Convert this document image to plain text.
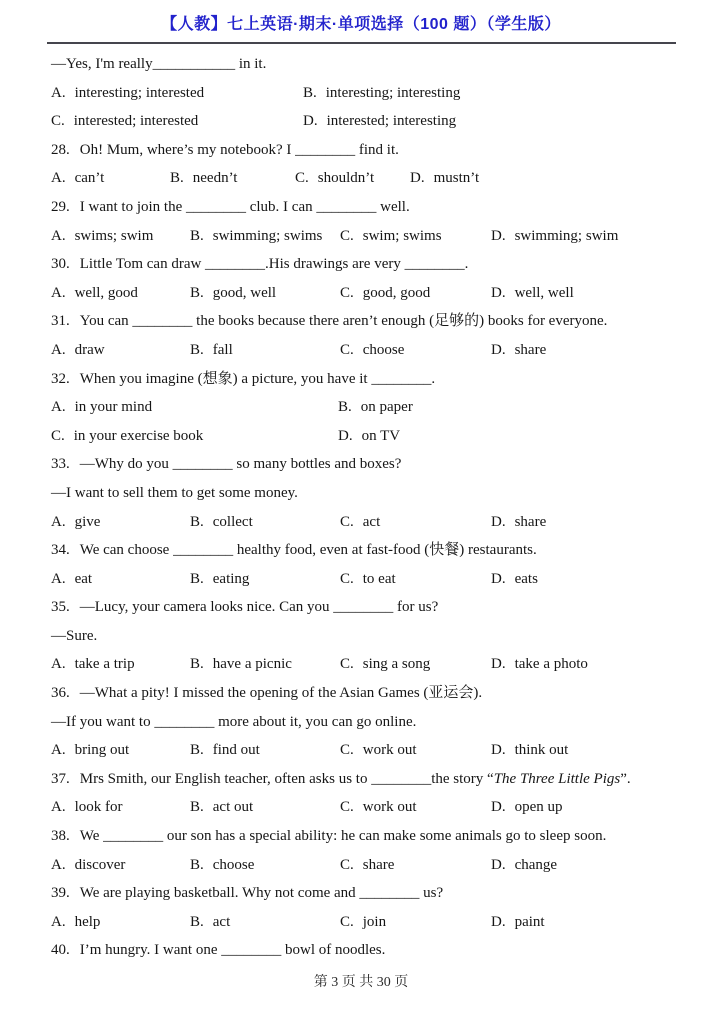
【人教】七上英语·期末·单项选择（100 题）（学生版）
—Yes, I'm really___________ in it.
A. interesting; interested	B. interesting; interesting
C. interested; interested	D. interested; interesting
28. Oh! Mum, where’s my notebook? I ________ find it.
A. can’t	B. needn’t	C. shouldn’t	D. mustn’t
29. I want to join the ________ club. I can ________ well.
A. swims; swim	B. swimming; swims	C. swim; swims	D. swimming; swim
30. Little Tom can draw ________.His drawings are very ________.
A. well, good	B. good, well	C. good, good	D. well, well
31. You can ________ the books because there aren’t enough (足够的) books for everyone.
A. draw	B. fall	C. choose	D. share
32. When you imagine (想象) a picture, you have it ________.
A. in your mind	B. on paper
C. in your exercise book	D. on TV
33. —Why do you ________ so many bottles and boxes?
—I want to sell them to get some money.
A. give	B. collect	C. act	D. share
34. We can choose ________ healthy food, even at fast-food (快餐) restaurants.
A. eat	B. eating	C. to eat	D. eats
35. —Lucy, your camera looks nice. Can you ________ for us?
—Sure.
A. take a trip	B. have a picnic	C. sing a song	D. take a photo
36. —What a pity! I missed the opening of the Asian Games (亚运会).
—If you want to ________ more about it, you can go online.
A. bring out	B. find out	C. work out	D. think out
37. Mrs Smith, our English teacher, often asks us to ________the story “The Three Little Pigs”.
A. look for	B. act out	C. work out	D. open up
38. We ________ our son has a special ability: he can make some animals go to sleep soon.
A. discover	B. choose	C. share	D. change
39. We are playing basketball. Why not come and ________ us?
A. help	B. act	C. join	D. paint
40. I’m hungry. I want one ________ bowl of noodles.
第 3 页 共 30 页
